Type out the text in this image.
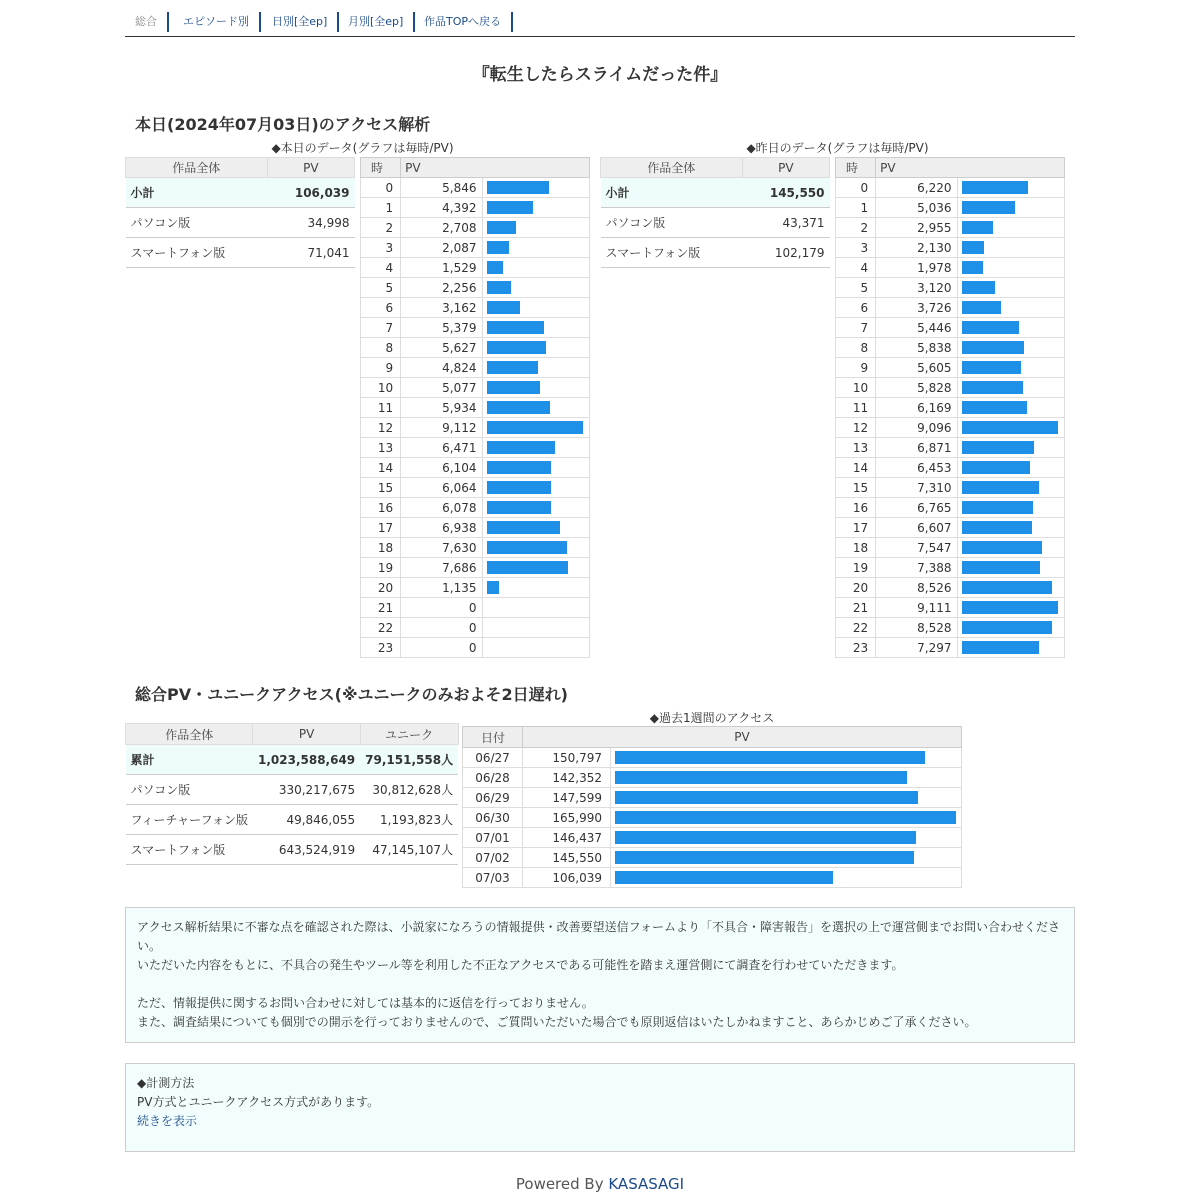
総合	エピソード別	日別[全ep]	月別[全ep]	作品TOPへ戻る
『転生したらスライムだった件』
本日(2024年07月03日)のアクセス解析
◆本日のデータ(グラフは毎時/PV)	◆昨日のデータ(グラフは毎時/PV)
作品全体	PV
小計	106,039
パソコン版	34,998
スマートフォン版	71,041
時	PV	
0	5,846	

1	4,392	

2	2,708	

3	2,087	

4	1,529	

5	2,256	

6	3,162	

7	5,379	

8	5,627	

9	4,824	

10	5,077	

11	5,934	

12	9,112	

13	6,471	

14	6,104	

15	6,064	

16	6,078	

17	6,938	

18	7,630	

19	7,686	

20	1,135	

21	0	
22	0	
23	0	
作品全体	PV
小計	145,550
パソコン版	43,371
スマートフォン版	102,179
時	PV	
0	6,220	

1	5,036	

2	2,955	

3	2,130	

4	1,978	

5	3,120	

6	3,726	

7	5,446	

8	5,838	

9	5,605	

10	5,828	

11	6,169	

12	9,096	

13	6,871	

14	6,453	

15	7,310	

16	6,765	

17	6,607	

18	7,547	

19	7,388	

20	8,526	

21	9,111	

22	8,528	

23	7,297	
総合PV・ユニークアクセス(※ユニークのみおよそ2日遅れ)
作品全体	PV	ユニーク
累計	1,023,588,649	79,151,558人
パソコン版	330,217,675	30,812,628人
フィーチャーフォン版	49,846,055	1,193,823人
スマートフォン版	643,524,919	47,145,107人
◆過去1週間のアクセス
日付	PV	
06/27	150,797	

06/28	142,352	

06/29	147,599	

06/30	165,990	

07/01	146,437	

07/02	145,550	

07/03	106,039	

アクセス解析結果に不審な点を確認された際は、小説家になろうの情報提供・改善要望送信フォームより「不具合・障害報告」を選択の上で運営側までお問い合わせください。
いただいた内容をもとに、不具合の発生やツール等を利用した不正なアクセスである可能性を踏まえ運営側にて調査を行わせていただきます。

ただ、情報提供に関するお問い合わせに対しては基本的に返信を行っておりません。
また、調査結果についても個別での開示を行っておりませんので、ご質問いただいた場合でも原則返信はいたしかねますこと、あらかじめご了承ください。

◆計測方法

PV方式とユニークアクセス方式があります。

続きを表示

Powered By KASASAGI
